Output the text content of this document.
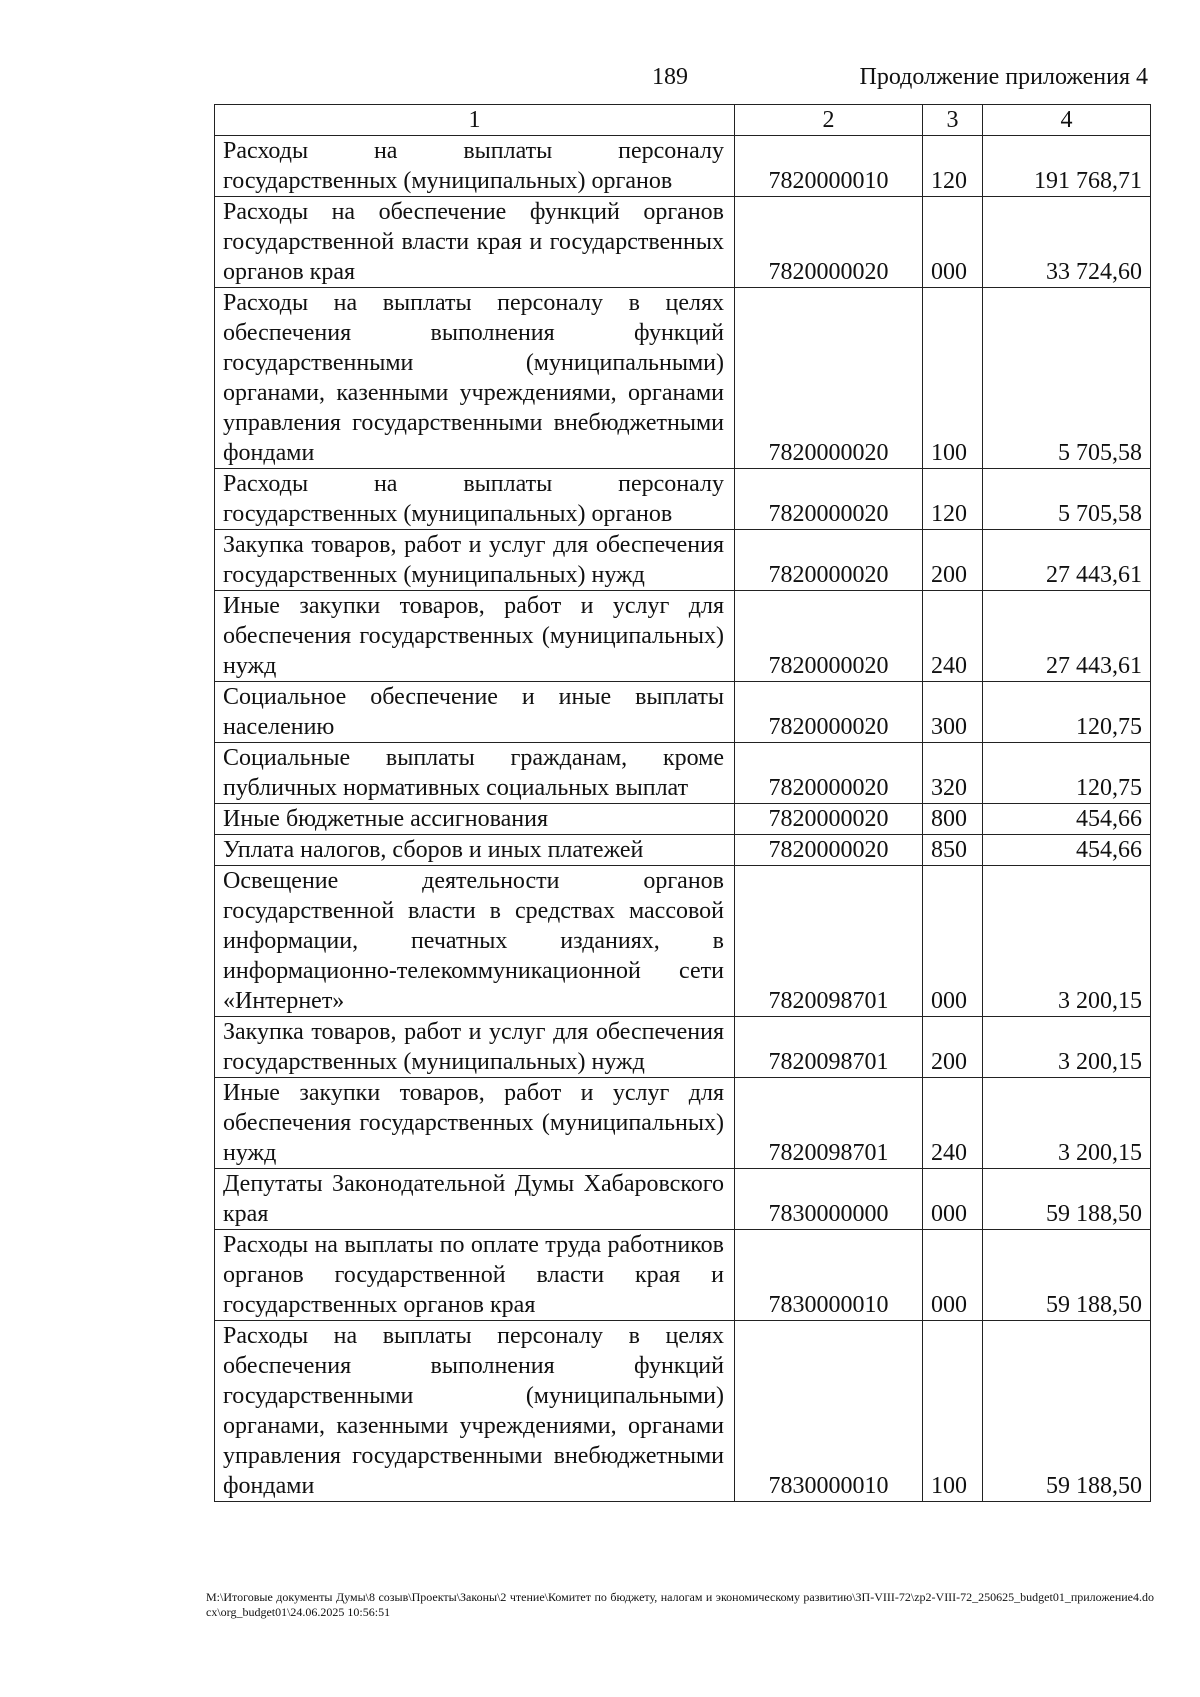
189	Продолжение приложения 4
1	2	3	4
Расходы на выплаты персоналу государственных (муниципальных) органов	7820000010	120	191 768,71
Расходы на обеспечение функций органов государственной власти края и государственных органов края	7820000020	000	33 724,60
Расходы на выплаты персоналу в целях обеспечения выполнения функций государственными (муниципальными) органами, казенными учреждениями, органами управления государственными внебюджетными фондами	7820000020	100	5 705,58
Расходы на выплаты персоналу государственных (муниципальных) органов	7820000020	120	5 705,58
Закупка товаров, работ и услуг для обеспечения государственных (муниципальных) нужд	7820000020	200	27 443,61
Иные закупки товаров, работ и услуг для обеспечения государственных (муниципальных) нужд	7820000020	240	27 443,61
Социальное обеспечение и иные выплаты населению	7820000020	300	120,75
Социальные выплаты гражданам, кроме публичных нормативных социальных выплат	7820000020	320	120,75
Иные бюджетные ассигнования	7820000020	800	454,66
Уплата налогов, сборов и иных платежей	7820000020	850	454,66
Освещение деятельности органов государственной власти в средствах массовой информации, печатных изданиях, в информационно-телекоммуникационной сети «Интернет»	7820098701	000	3 200,15
Закупка товаров, работ и услуг для обеспечения государственных (муниципальных) нужд	7820098701	200	3 200,15
Иные закупки товаров, работ и услуг для обеспечения государственных (муниципальных) нужд	7820098701	240	3 200,15
Депутаты Законодательной Думы Хабаровского края	7830000000	000	59 188,50
Расходы на выплаты по оплате труда работников органов государственной власти края и государственных органов края	7830000010	000	59 188,50
Расходы на выплаты персоналу в целях обеспечения выполнения функций государственными (муниципальными) органами, казенными учреждениями, органами управления государственными внебюджетными фондами	7830000010	100	59 188,50
M:\Итоговые документы Думы\8 созыв\Проекты\Законы\2 чтение\Комитет по бюджету, налогам и экономическому развитию\ЗП-VIII-72\zp2-VIII-72_250625_budget01_приложение4.docx\org_budget01\24.06.2025 10:56:51
